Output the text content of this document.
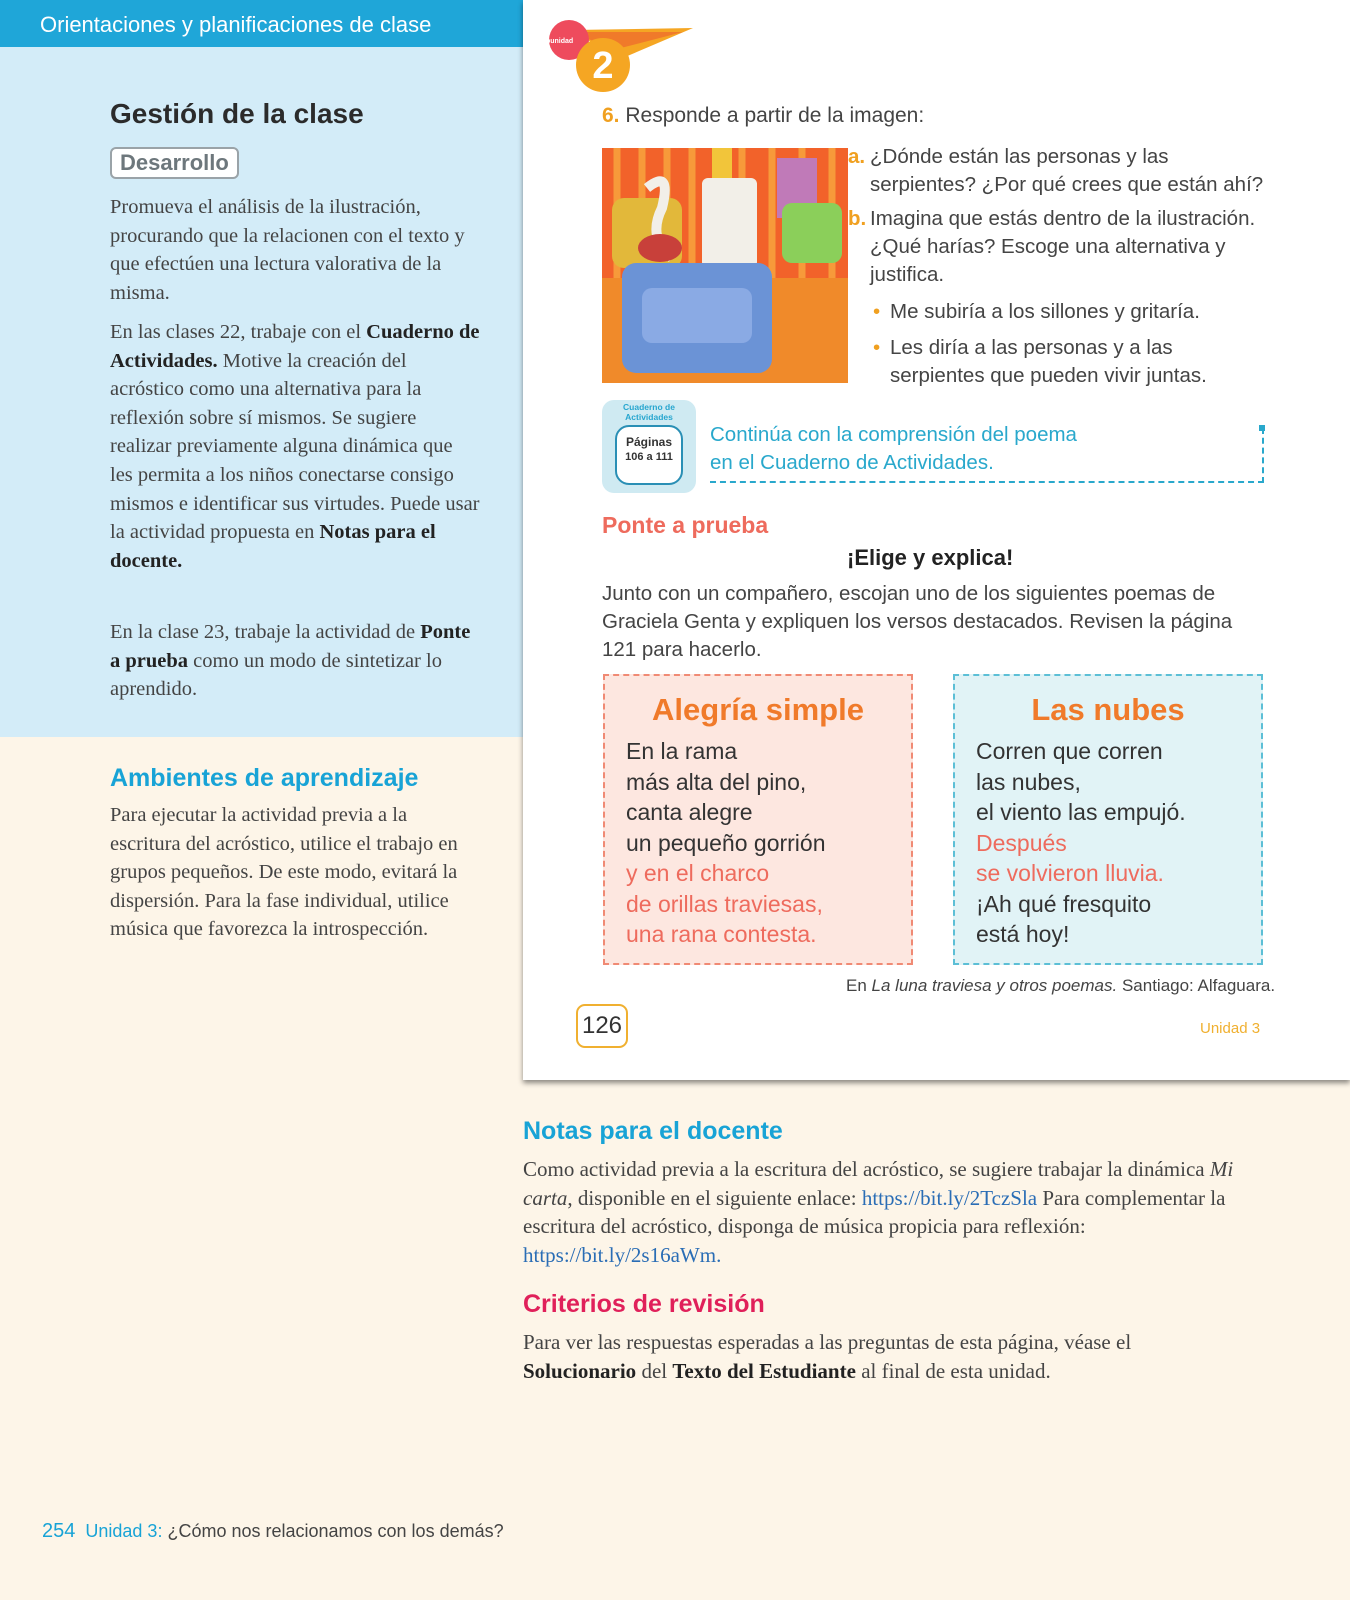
Orientaciones y planificaciones de clase
Gestión de la clase
Desarrollo

Promueva el análisis de la ilustración, procurando que la relacionen con el texto y que efectúen una lectura valorativa de la misma.

En las clases 22, trabaje con el Cuaderno de Actividades. Motive la creación del acróstico como una alternativa para la reflexión sobre sí mismos. Se sugiere realizar previamente alguna dinámica que les permita a los niños conectarse consigo mismos e identificar sus virtudes. Puede usar la actividad propuesta en Notas para el docente.

En la clase 23, trabaje la actividad de Ponte a prueba como un modo de sintetizar lo aprendido.

Ambientes de aprendizaje

Para ejecutar la actividad previa a la escritura del acróstico, utilice el trabajo en grupos pequeños. De este modo, evitará la dispersión. Para la fase individual, utilice música que favorezca la introspección.

Subunidad
2
6. Responde a partir de la imagen:

a. ¿Dónde están las personas y las serpientes? ¿Por qué crees que están ahí?

b. Imagina que estás dentro de la ilustración. ¿Qué harías? Escoge una alternativa y justifica.

• Me subiría a los sillones y gritaría.

• Les diría a las personas y a las serpientes que pueden vivir juntas.

Cuaderno de Actividades
Páginas
106 a 111
Continúa con la comprensión del poema en el Cuaderno de Actividades.
Ponte a prueba
¡Elige y explica!

Junto con un compañero, escojan uno de los siguientes poemas de Graciela Genta y expliquen los versos destacados. Revisen la página 121 para hacerlo.

Alegría simple
En la rama
más alta del pino,
canta alegre
un pequeño gorrión
y en el charco
de orillas traviesas,
una rana contesta.
Las nubes
Corren que corren
las nubes,
el viento las empujó.
Después
se volvieron lluvia.
¡Ah qué fresquito
está hoy!
En La luna traviesa y otros poemas. Santiago: Alfaguara.
126	Unidad 3
Notas para el docente

Como actividad previa a la escritura del acróstico, se sugiere trabajar la dinámica Mi carta, disponible en el siguiente enlace: https://bit.ly/2TczSla Para complementar la escritura del acróstico, disponga de música propicia para reflexión: https://bit.ly/2s16aWm.

Criterios de revisión

Para ver las respuestas esperadas a las preguntas de esta página, véase el Solucionario del Texto del Estudiante al final de esta unidad.

254 Unidad 3: ¿Cómo nos relacionamos con los demás?
